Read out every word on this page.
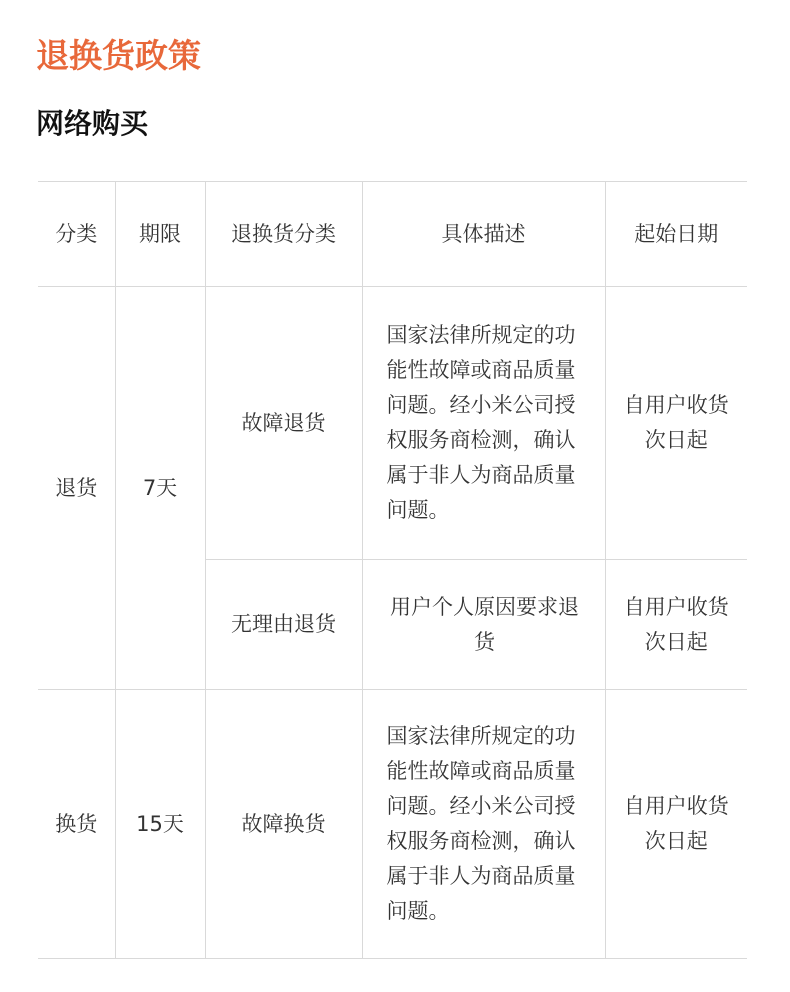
退换货政策
网络购买
分类	期限	退换货分类	具体描述	起始日期
退货	7天	故障退货	国家法律所规定的功能性故障或商品质量问题。经小米公司授权服务商检测，确认属于非人为商品质量问题。	自用户收货次日起
		无理由退货	用户个人原因要求退货	自用户收货次日起
换货	15天	故障换货	国家法律所规定的功能性故障或商品质量问题。经小米公司授权服务商检测，确认属于非人为商品质量问题。	自用户收货次日起
